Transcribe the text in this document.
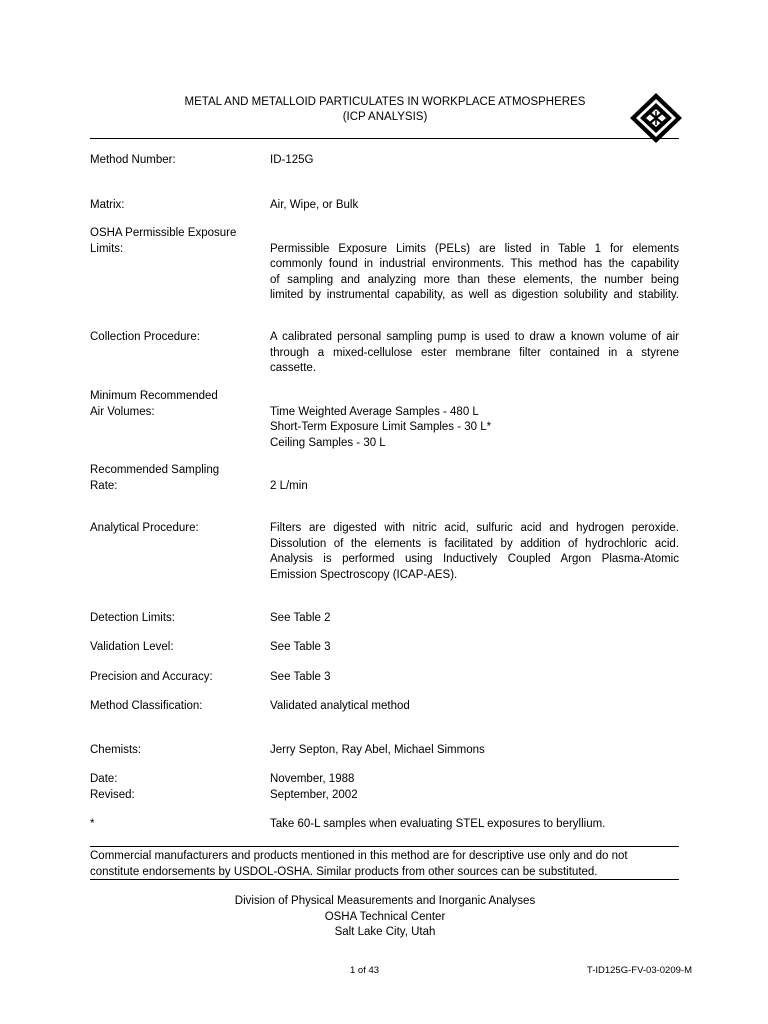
METAL AND METALLOID PARTICULATES IN WORKPLACE ATMOSPHERES
(ICP ANALYSIS)
Method Number:	ID-125G
Matrix:	Air, Wipe, or Bulk
OSHA Permissible Exposure
Limits:	Permissible Exposure Limits (PELs) are listed in Table 1 for elements
commonly found in industrial environments. This method has the capability
of sampling and analyzing more than these elements, the number being
limited by instrumental capability, as well as digestion solubility and stability.
Collection Procedure:	A calibrated personal sampling pump is used to draw a known volume of air
through a mixed-cellulose ester membrane filter contained in a styrene
cassette.
Minimum Recommended
Air Volumes:	Time Weighted Average Samples - 480 L
Short-Term Exposure Limit Samples - 30 L*
Ceiling Samples - 30 L
Recommended Sampling
Rate:	2 L/min
Analytical Procedure:	Filters are digested with nitric acid, sulfuric acid and hydrogen peroxide.
Dissolution of the elements is facilitated by addition of hydrochloric acid.
Analysis is performed using Inductively Coupled Argon Plasma-Atomic
Emission Spectroscopy (ICAP-AES).
Detection Limits:	See Table 2
Validation Level:	See Table 3
Precision and Accuracy:	See Table 3
Method Classification:	Validated analytical method
Chemists:	Jerry Septon, Ray Abel, Michael Simmons
Date:	November, 1988
Revised:	September, 2002
*	Take 60-L samples when evaluating STEL exposures to beryllium.
Commercial manufacturers and products mentioned in this method are for descriptive use only and do not
constitute endorsements by USDOL-OSHA. Similar products from other sources can be substituted.
Division of Physical Measurements and Inorganic Analyses
OSHA Technical Center
Salt Lake City, Utah
1 of 43	T-ID125G-FV-03-0209-M
